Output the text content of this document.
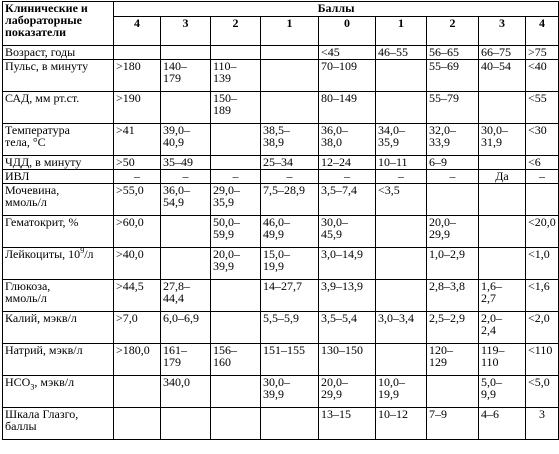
Клинические и
лабораторные
показатели	Баллы								
	4	3	2	1	0	1	2	3	4
Возраст, годы					<45	46–55	56–65	66–75	>75
Пульс, в минуту	>180	140–
179	110–
139		70–109		55–69	40–54	<40
САД, мм рт.ст.	>190		150–
189		80–149		55–79		<55
Температура
тела, °С	>41	39,0–
40,9		38,5–
38,9	36,0–
38,0	34,0–
35,9	32,0–
33,9	30,0–
31,9	<30
ЧДД, в минуту	>50	35–49		25–34	12–24	10–11	6–9		<6
ИВЛ	–	–	–	–	–	–	–	Да	–
Мочевина,
ммоль/л	>55,0	36,0–
54,9	29,0–
35,9	7,5–28,9	3,5–7,4	<3,5			
Гематокрит, %	>60,0		50,0–
59,9	46,0–
49,9	30,0–
45,9		20,0–
29,9		<20,0
Лейкоциты, $10^9/л$	>40,0		20,0–
39,9	15,0–
19,9	3,0–14,9		1,0–2,9		<1,0
Глюкоза,
ммоль/л	>44,5	27,8–
44,4		14–27,7	3,9–13,9		2,8–3,8	1,6–
2,7	<1,6
Калий, мэкв/л	>7,0	6,0–6,9		5,5–5,9	3,5–5,4	3,0–3,4	2,5–2,9	2,0–
2,4	<2,0
Натрий, мэкв/л	>180,0	161–
179	156–
160	151–155	130–150		120–
129	119–
110	<110
$НСО_3$, мэкв/л		340,0		30,0–
39,9	20,0–
29,9	10,0–
19,9		5,0–
9,9	<5,0
Шкала Глазго,
баллы					13–15	10–12	7–9	4–6	3
